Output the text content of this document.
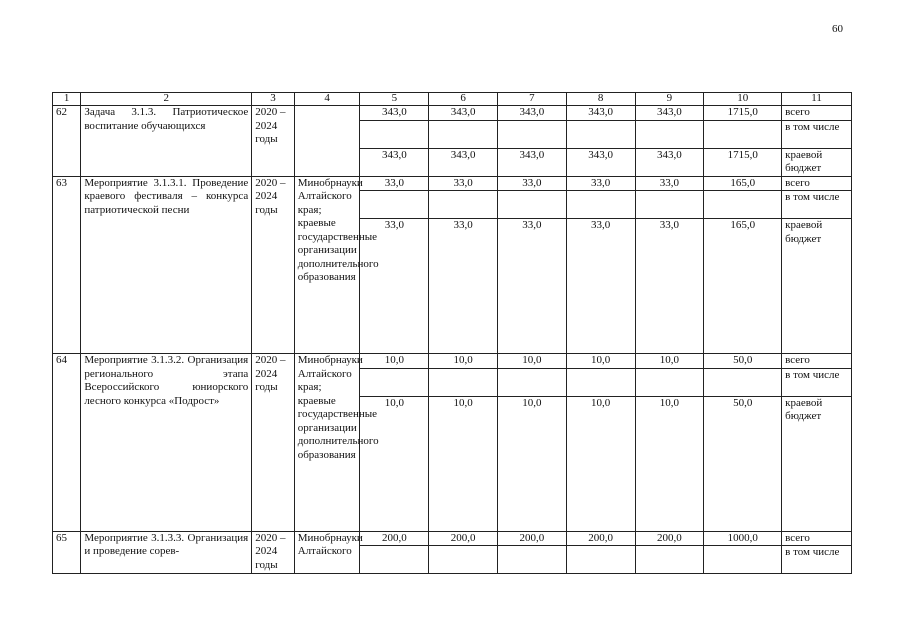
60
1	2	3	4	5	6	7	8	9	10	11
62	Задача 3.1.3. Патриотическое воспитание обучающихся	2020 – 2024 годы		343,0	343,0	343,0	343,0	343,0	1715,0	всего
										в том числе
				343,0	343,0	343,0	343,0	343,0	1715,0	краевой бюджет
63	Мероприятие 3.1.3.1. Проведение краевого фестиваля – конкурса патриотической песни	2020 – 2024 годы	Минобрнауки Алтайского края; краевые государственные организации дополнительного образования	33,0	33,0	33,0	33,0	33,0	165,0	всего
										в том числе
				33,0	33,0	33,0	33,0	33,0	165,0	краевой бюджет
64	Мероприятие 3.1.3.2. Организация регионального этапа Всероссийского юниорского лесного конкурса «Подрост»	2020 – 2024 годы	Минобрнауки Алтайского края; краевые государственные организации дополнительного образования	10,0	10,0	10,0	10,0	10,0	50,0	всего
										в том числе
				10,0	10,0	10,0	10,0	10,0	50,0	краевой бюджет
65	Мероприятие 3.1.3.3. Организация и проведение сорев-	2020 – 2024 годы	Минобрнауки Алтайского	200,0	200,0	200,0	200,0	200,0	1000,0	всего
										в том числе
